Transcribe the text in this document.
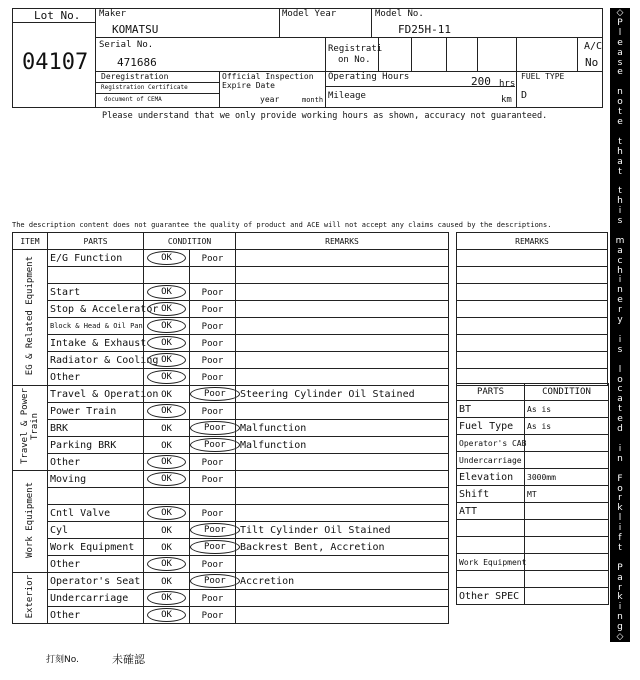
Lot No.
04107
Maker
KOMATSU
Model Year	Model No.
FD25H-11
Serial No.
471686
Registrati
on No.
A/C
No
Deregistration
Registration Certificate
document of CEMA
Official Inspection
Expire Date
year	month
Operating Hours	200 hrs
Mileage	km
FUEL TYPE
D
Please understand that we only provide working hours as shown, accuracy not guaranteed.
The description content does not guarantee the quality of product and ACE will not accept any claims caused by the descriptions.
ITEM	PARTS	CONDITION		REMARKS
EG & Related Equipment	E/G Function	OK	Poor	

	Start	OK	Poor	
	Stop & Accelerator	OK	Poor	
	Block & Head & Oil Pan	OK	Poor	
	Intake & Exhaust	OK	Poor	
	Radiator & Cooling	OK	Poor	
	Other	OK	Poor	
Travel & Power Train	Travel & Operation	OK	Poor	Steering Cylinder Oil Stained
	Power Train	OK	Poor	
	BRK	OK	Poor	Malfunction
	Parking BRK	OK	Poor	Malfunction
	Other	OK	Poor	
Work Equipment	Moving	OK	Poor	

	Cntl Valve	OK	Poor	
	Cyl	OK	Poor	Tilt Cylinder Oil Stained
	Work Equipment	OK	Poor	Backrest Bent, Accretion
	Other	OK	Poor	
Exterior	Operator's Seat	OK	Poor	Accretion
	Undercarriage	OK	Poor	
	Other	OK	Poor	
REMARKS

PARTS	CONDITION
BT	As is
Fuel Type	As is
Operator's CAB	
Undercarriage	
Elevation	3000mm
Shift	MT
ATT	

Work Equipment	

Other SPEC	
◇
P
l
e
a
s
e
n
o
t
e
t
h
a
t
t
h
i
s
m
a
c
h
i
n
e
r
y
i
s
l
o
c
a
t
e
d
i
n
F
o
r
k
l
i
f
t
P
a
r
k
i
n
g
◇
打刻No.	未確認
